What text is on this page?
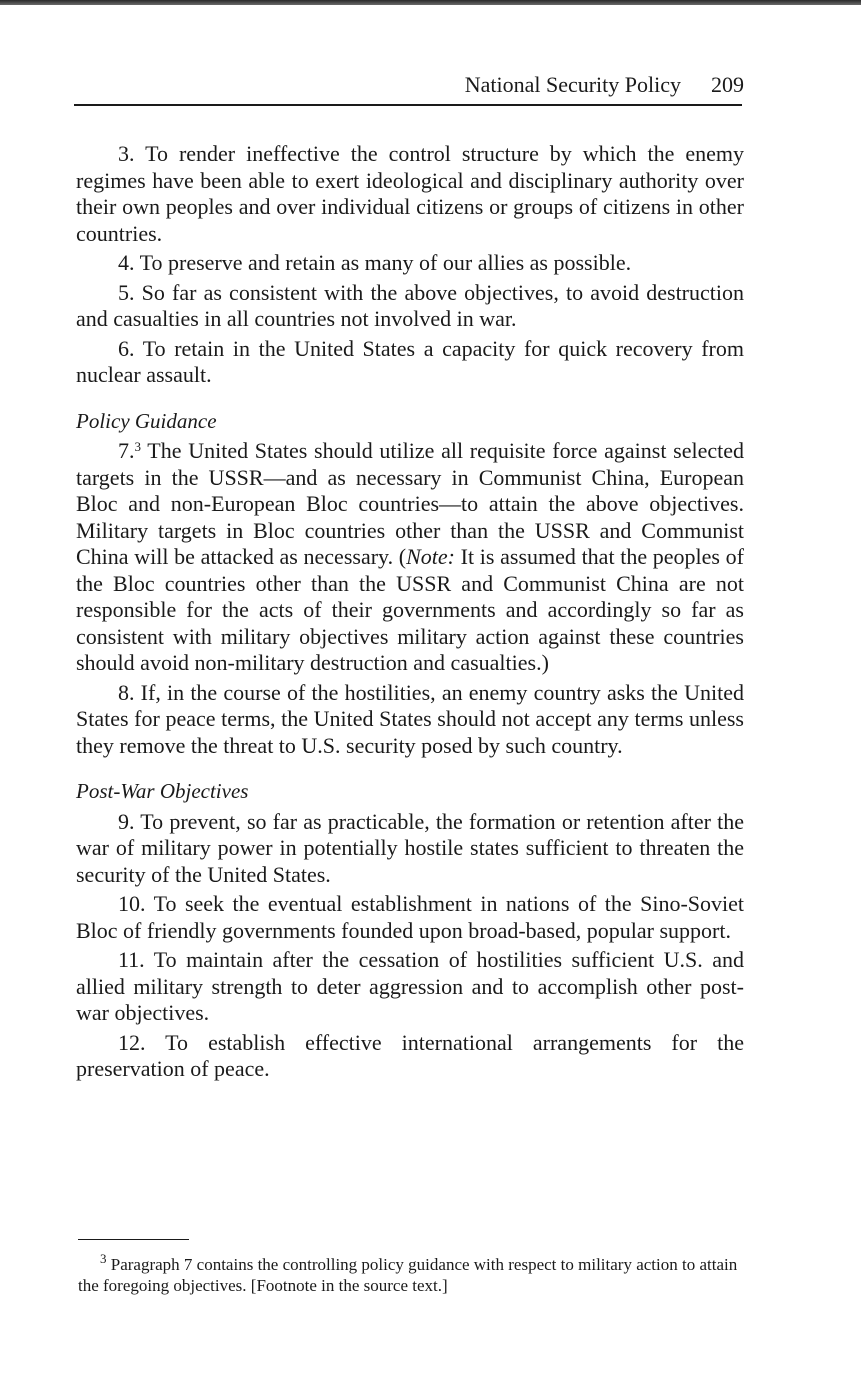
National Security Policy 209

3. To render ineffective the control structure by which the enemy regimes have been able to exert ideological and disciplinary authority over their own peoples and over individual citizens or groups of citizens in other countries.

4. To preserve and retain as many of our allies as possible.

5. So far as consistent with the above objectives, to avoid destruction and casualties in all countries not involved in war.

6. To retain in the United States a capacity for quick recovery from nuclear assault.

Policy Guidance

7.$^3$ The United States should utilize all requisite force against selected targets in the USSR—and as necessary in Communist China, European Bloc and non-European Bloc countries—to attain the above objectives. Military targets in Bloc countries other than the USSR and Communist China will be attacked as necessary. (Note: It is assumed that the peoples of the Bloc countries other than the USSR and Communist China are not responsible for the acts of their governments and accordingly so far as consistent with military objectives military action against these countries should avoid non-military destruction and casualties.)

8. If, in the course of the hostilities, an enemy country asks the United States for peace terms, the United States should not accept any terms unless they remove the threat to U.S. security posed by such country.

Post-War Objectives

9. To prevent, so far as practicable, the formation or retention after the war of military power in potentially hostile states sufficient to threaten the security of the United States.

10. To seek the eventual establishment in nations of the Sino-Soviet Bloc of friendly governments founded upon broad-based, popular support.

11. To maintain after the cessation of hostilities sufficient U.S. and allied military strength to deter aggression and to accomplish other post-war objectives.

12. To establish effective international arrangements for the preservation of peace.

$^3$ Paragraph 7 contains the controlling policy guidance with respect to military action to attain the foregoing objectives. [Footnote in the source text.]
